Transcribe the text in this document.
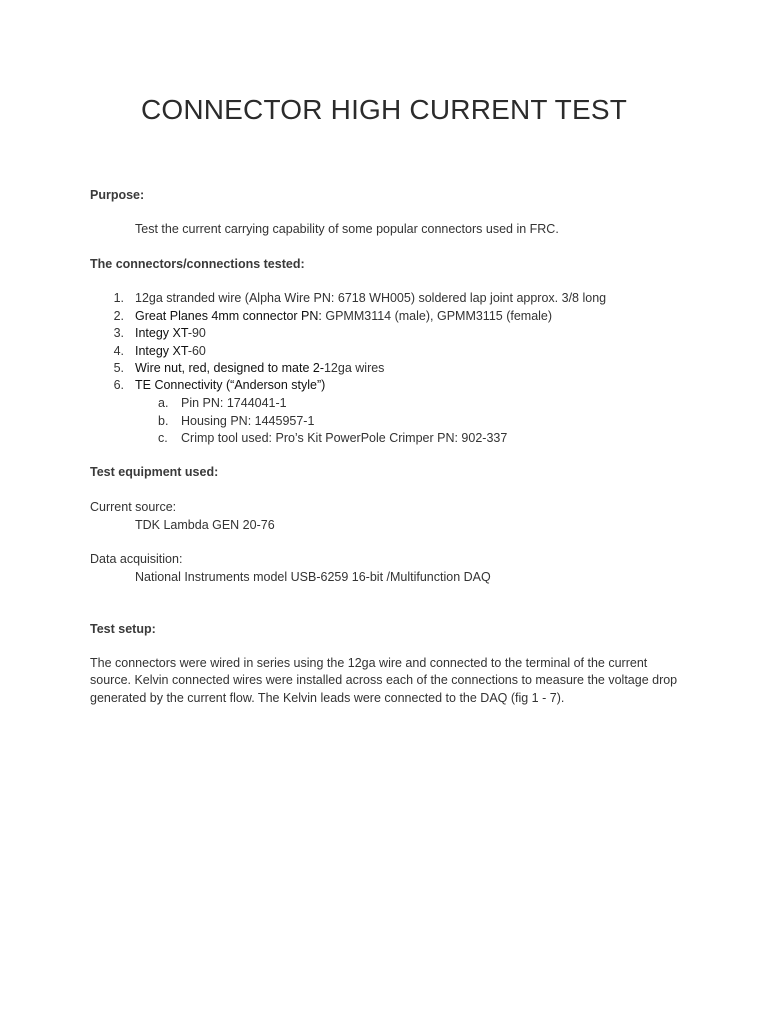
CONNECTOR HIGH CURRENT TEST
Purpose:
Test the current carrying capability of some popular connectors used in FRC.
The connectors/connections tested:
1. 12ga stranded wire (Alpha Wire PN: 6718 WH005) soldered lap joint approx. 3/8 long
2. Great Planes 4mm connector PN: GPMM3114 (male), GPMM3115 (female)
3. Integy XT-90
4. Integy XT-60
5. Wire nut, red, designed to mate 2-12ga wires
6. TE Connectivity (“Anderson style”)
a. Pin PN: 1744041-1
b. Housing PN: 1445957-1
c. Crimp tool used: Pro’s Kit PowerPole Crimper PN: 902-337
Test equipment used:
Current source:
TDK Lambda GEN 20-76
Data acquisition:
National Instruments model USB-6259 16-bit /Multifunction DAQ
Test setup:
The connectors were wired in series using the 12ga wire and connected to the terminal of the current source. Kelvin connected wires were installed across each of the connections to measure the voltage drop generated by the current flow. The Kelvin leads were connected to the DAQ (fig 1 - 7).
